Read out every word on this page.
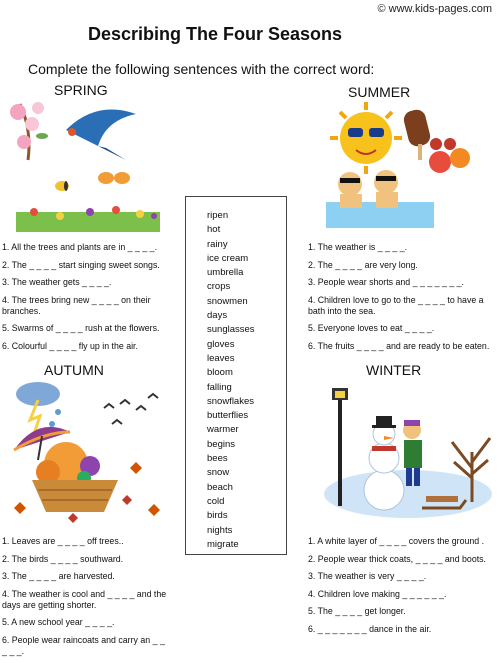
© www.kids-pages.com
Describing The Four Seasons
Complete the following sentences with the correct word:
SPRING	SUMMER
AUTUMN	WINTER
1. All the trees and plants are in _ _ _ _.
2. The _ _ _ _ start singing sweet songs.
3. The weather gets _ _ _ _.
4. The trees bring new _ _ _ _ on their branches.
5. Swarms of _ _ _ _ rush at the flowers.
6. Colourful _ _ _ _ fly up in the air.
1. The weather is _ _ _ _.
2. The _ _ _ _ are very long.
3. People wear shorts and _ _ _ _ _ _ _.
4. Children love to go to the _ _ _ _ to have a bath into the sea.
5. Everyone loves to eat _ _ _ _.
6. The fruits _ _ _ _ and are ready to be eaten.
1. Leaves are _ _ _ _ off trees..
2. The birds _ _ _ _ southward.
3. The _ _ _ _ are harvested.
4. The weather is cool and _ _ _ _ and the days are getting shorter.
5. A new school year _ _ _ _.
6. People wear raincoats and carry an _ _ _ _ _.
1. A white layer of _ _ _ _ covers the ground .
2. People wear thick coats, _ _ _ _ and boots.
3. The weather is very _ _ _ _.
4. Children love making _ _ _ _ _ _.
5. The _ _ _ _ get longer.
6. _ _ _ _ _ _ _ dance in the air.
ripen
hot
rainy
ice cream
umbrella
crops
snowmen
days
sunglasses
gloves
leaves
bloom
falling
snowflakes
butterflies
warmer
begins
bees
snow
beach
cold
birds
nights
migrate
